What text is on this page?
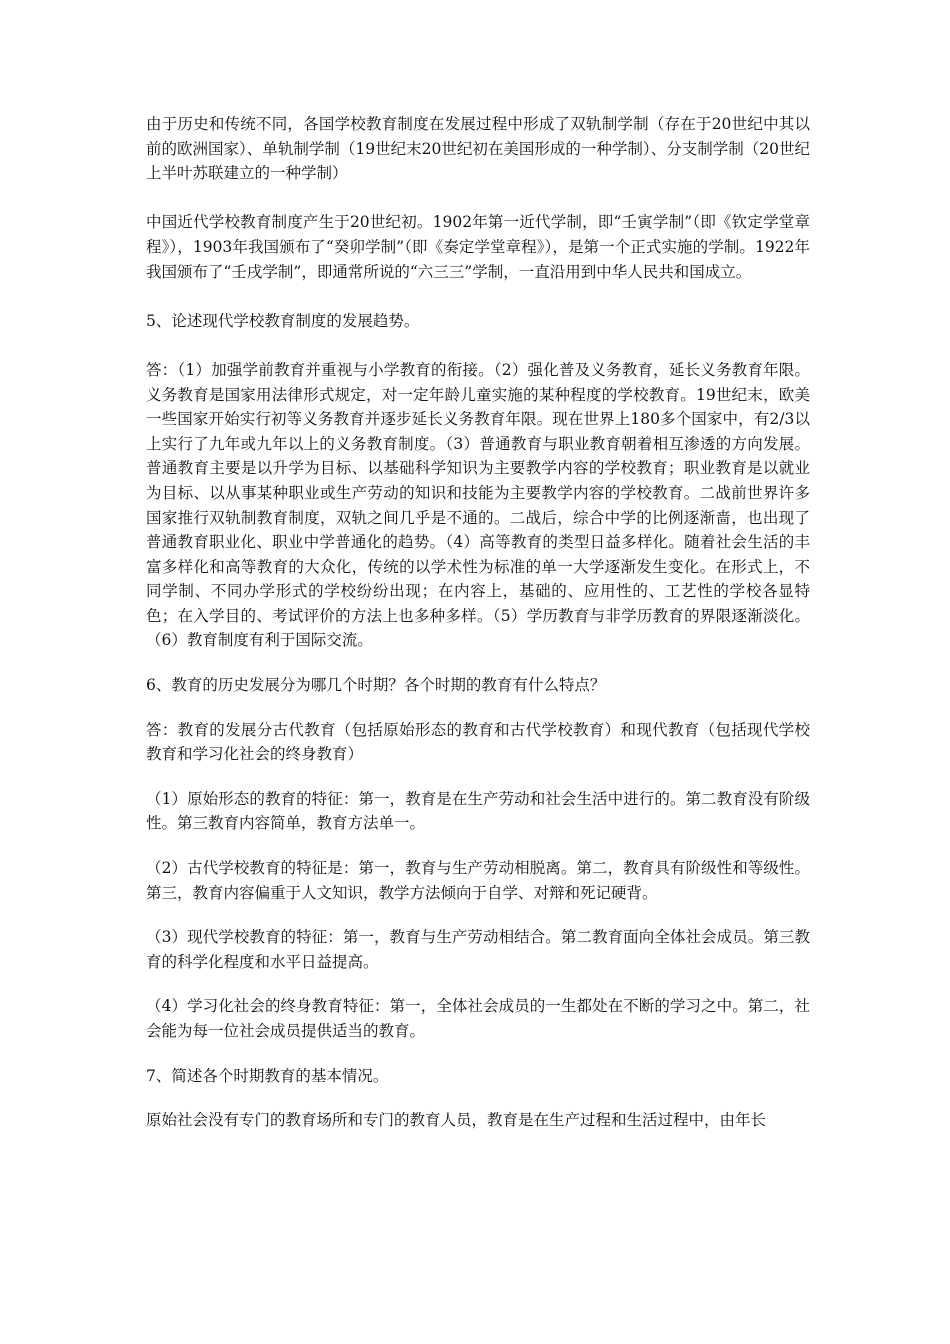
由于历史和传统不同，各国学校教育制度在发展过程中形成了双轨制学制（存在于20世纪中其以前的欧洲国家）、单轨制学制（19世纪末20世纪初在美国形成的一种学制）、分支制学制（20世纪上半叶苏联建立的一种学制）

中国近代学校教育制度产生于20世纪初。1902年第一近代学制，即“壬寅学制”（即《钦定学堂章程》），1903年我国颁布了“癸卯学制”（即《奏定学堂章程》），是第一个正式实施的学制。1922年我国颁布了“壬戌学制”，即通常所说的“六三三”学制，一直沿用到中华人民共和国成立。

5、论述现代学校教育制度的发展趋势。

答：（1）加强学前教育并重视与小学教育的衔接。（2）强化普及义务教育，延长义务教育年限。义务教育是国家用法律形式规定，对一定年龄儿童实施的某种程度的学校教育。19世纪末，欧美一些国家开始实行初等义务教育并逐步延长义务教育年限。现在世界上180多个国家中，有2/3以上实行了九年或九年以上的义务教育制度。（3）普通教育与职业教育朝着相互渗透的方向发展。普通教育主要是以升学为目标、以基础科学知识为主要教学内容的学校教育；职业教育是以就业为目标、以从事某种职业或生产劳动的知识和技能为主要教学内容的学校教育。二战前世界许多国家推行双轨制教育制度，双轨之间几乎是不通的。二战后，综合中学的比例逐渐啬，也出现了普通教育职业化、职业中学普通化的趋势。（4）高等教育的类型日益多样化。随着社会生活的丰富多样化和高等教育的大众化，传统的以学术性为标准的单一大学逐渐发生变化。在形式上，不同学制、不同办学形式的学校纷纷出现；在内容上，基础的、应用性的、工艺性的学校各显特色；在入学目的、考试评价的方法上也多种多样。（5）学历教育与非学历教育的界限逐渐淡化。（6）教育制度有利于国际交流。

6、教育的历史发展分为哪几个时期？各个时期的教育有什么特点？

答：教育的发展分古代教育（包括原始形态的教育和古代学校教育）和现代教育（包括现代学校教育和学习化社会的终身教育）

（1）原始形态的教育的特征：第一，教育是在生产劳动和社会生活中进行的。第二教育没有阶级性。第三教育内容简单，教育方法单一。

（2）古代学校教育的特征是：第一，教育与生产劳动相脱离。第二，教育具有阶级性和等级性。第三，教育内容偏重于人文知识，教学方法倾向于自学、对辩和死记硬背。

（3）现代学校教育的特征：第一，教育与生产劳动相结合。第二教育面向全体社会成员。第三教育的科学化程度和水平日益提高。

（4）学习化社会的终身教育特征：第一，全体社会成员的一生都处在不断的学习之中。第二，社会能为每一位社会成员提供适当的教育。

7、简述各个时期教育的基本情况。

原始社会没有专门的教育场所和专门的教育人员，教育是在生产过程和生活过程中，由年长
